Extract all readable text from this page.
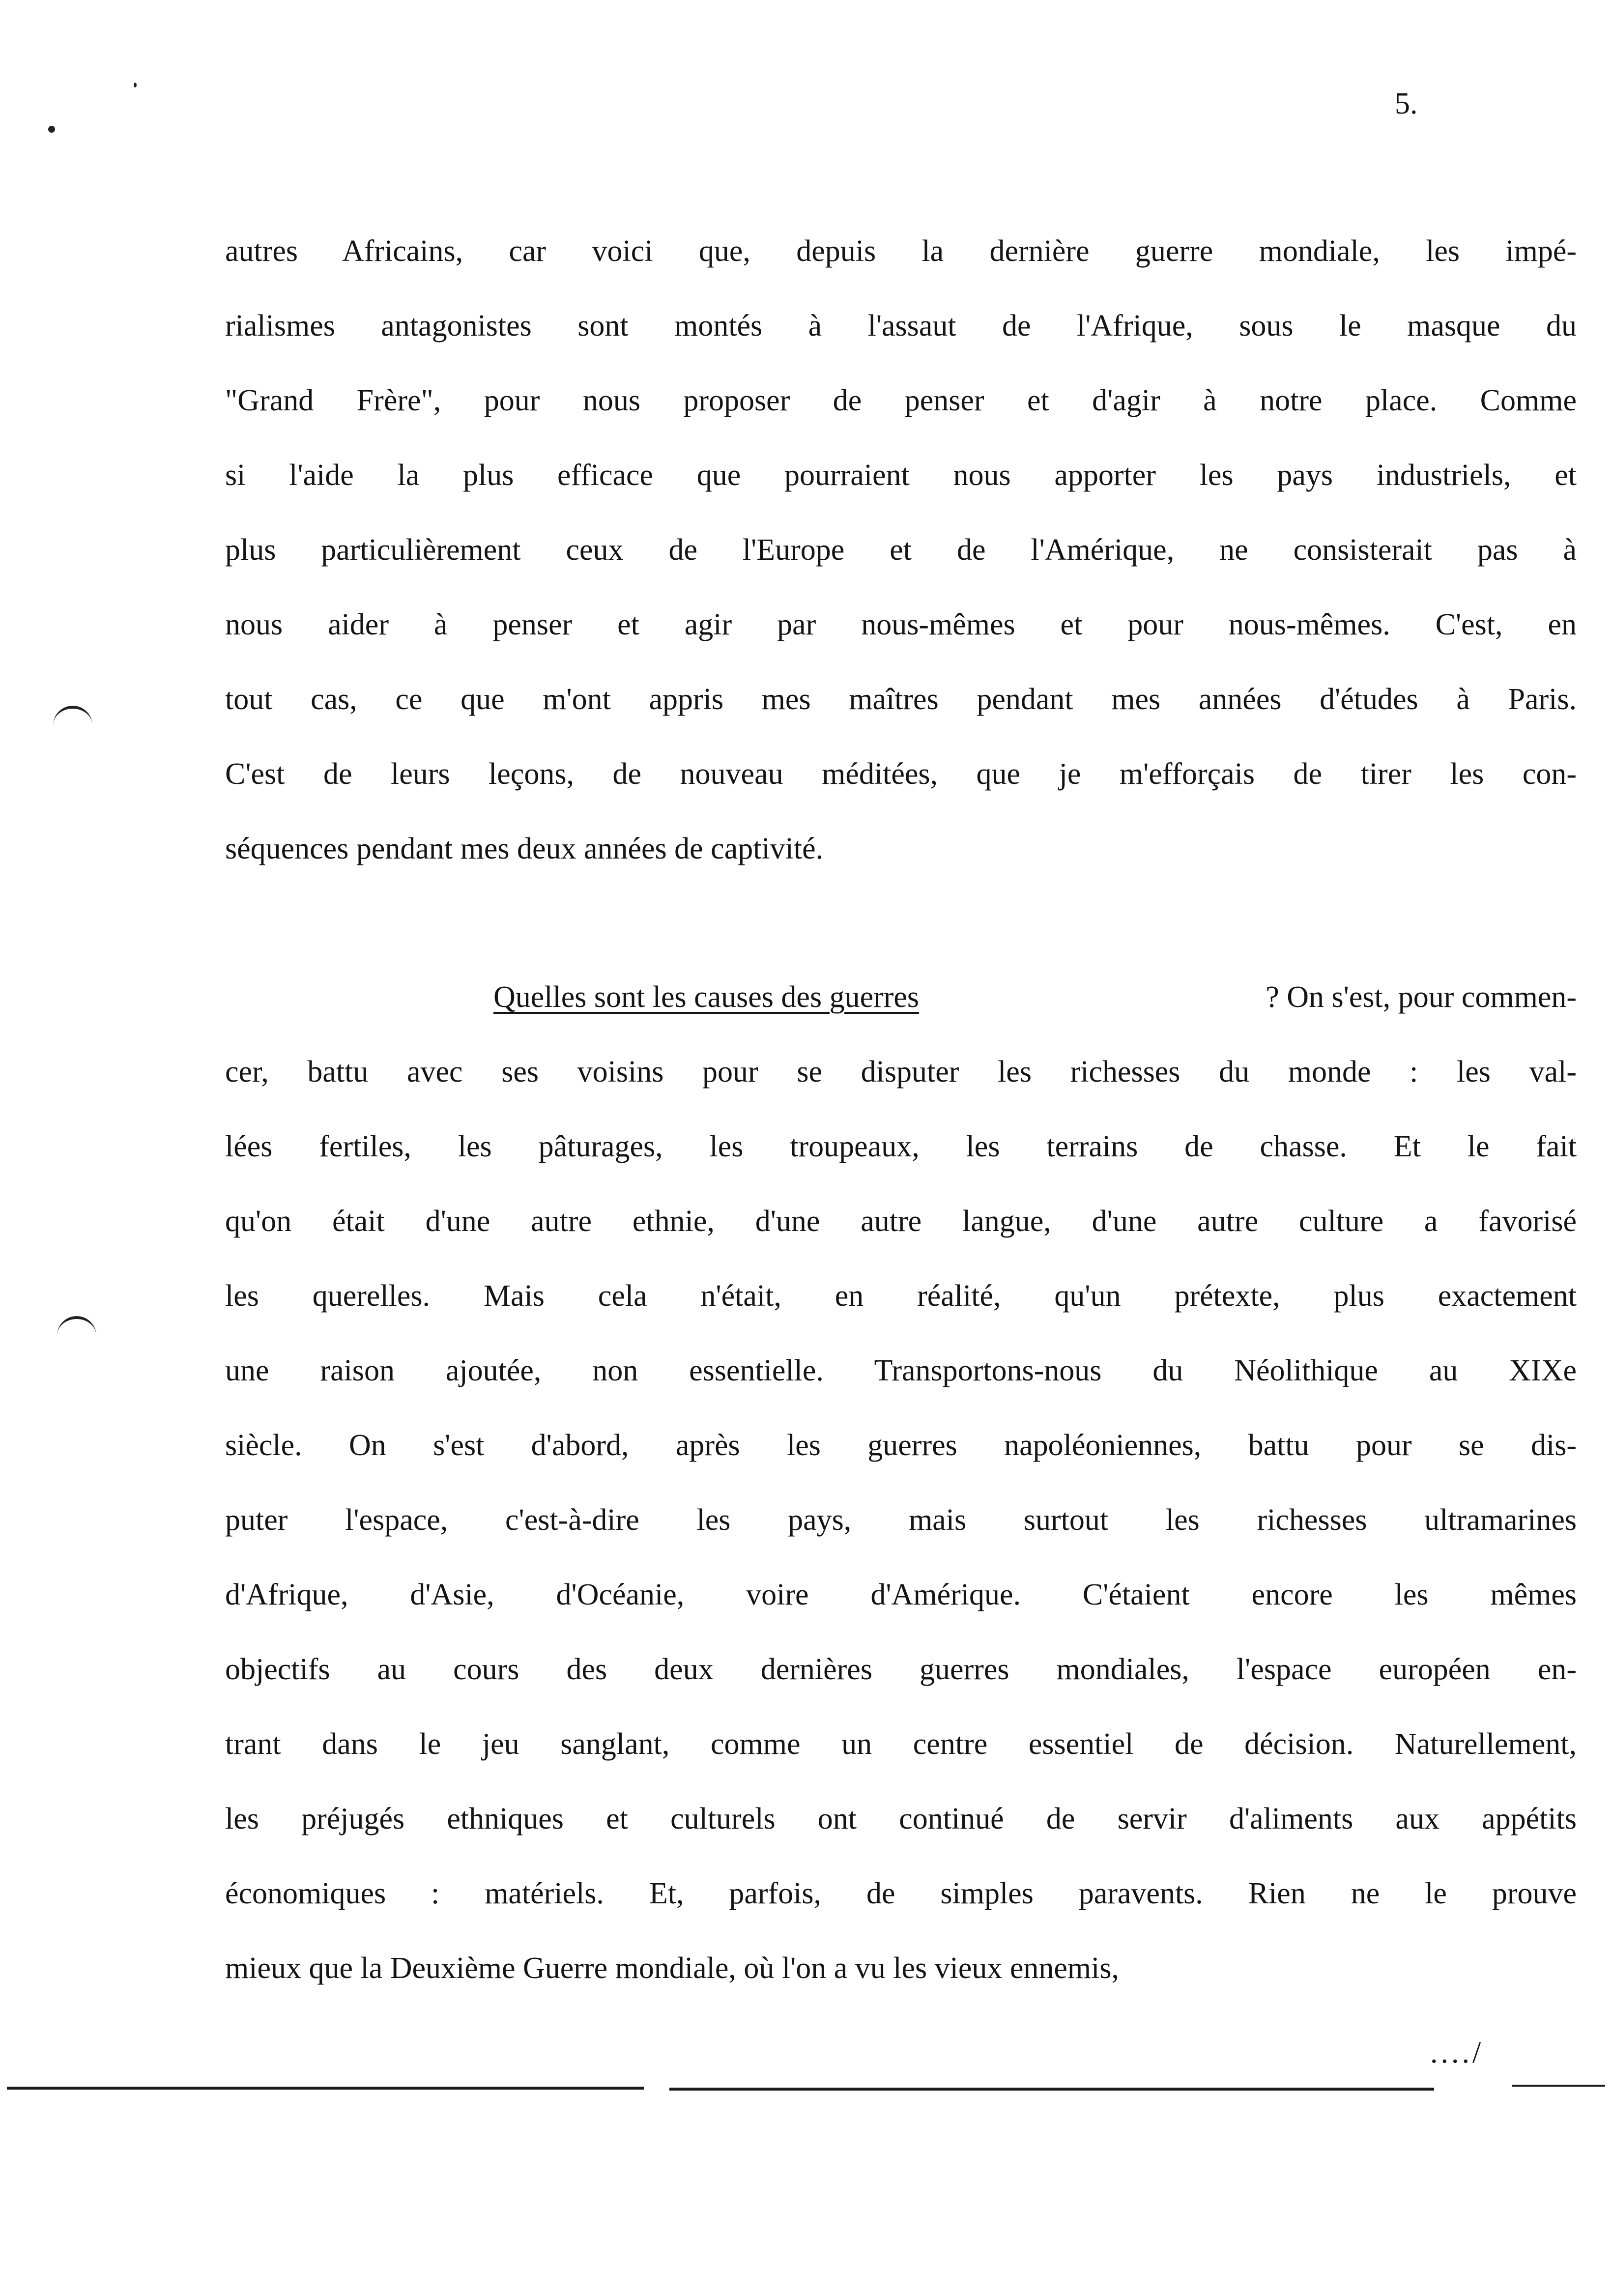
5.
autres Africains, car voici que, depuis la dernière guerre mondiale, les impé-
rialismes antagonistes sont montés à l'assaut de l'Afrique, sous le masque du
"Grand Frère", pour nous proposer de penser et d'agir à notre place. Comme
si l'aide la plus efficace que pourraient nous apporter les pays industriels, et
plus particulièrement ceux de l'Europe et de l'Amérique, ne consisterait pas à
nous aider à penser et agir par nous-mêmes et pour nous-mêmes. C'est, en
tout cas, ce que m'ont appris mes maîtres pendant mes années d'études à Paris.
C'est de leurs leçons, de nouveau méditées, que je m'efforçais de tirer les con-
séquences pendant mes deux années de captivité.
Quelles sont les causes des guerres	? On s'est, pour commen-
cer, battu avec ses voisins pour se disputer les richesses du monde : les val-
lées fertiles, les pâturages, les troupeaux, les terrains de chasse. Et le fait
qu'on était d'une autre ethnie, d'une autre langue, d'une autre culture a favorisé
les querelles. Mais cela n'était, en réalité, qu'un prétexte, plus exactement
une raison ajoutée, non essentielle. Transportons-nous du Néolithique au XIXe
siècle. On s'est d'abord, après les guerres napoléoniennes, battu pour se dis-
puter l'espace, c'est-à-dire les pays, mais surtout les richesses ultramarines
d'Afrique, d'Asie, d'Océanie, voire d'Amérique. C'étaient encore les mêmes
objectifs au cours des deux dernières guerres mondiales, l'espace européen en-
trant dans le jeu sanglant, comme un centre essentiel de décision. Naturellement,
les préjugés ethniques et culturels ont continué de servir d'aliments aux appétits
économiques : matériels. Et, parfois, de simples paravents. Rien ne le prouve
mieux que la Deuxième Guerre mondiale, où l'on a vu les vieux ennemis,
..../
